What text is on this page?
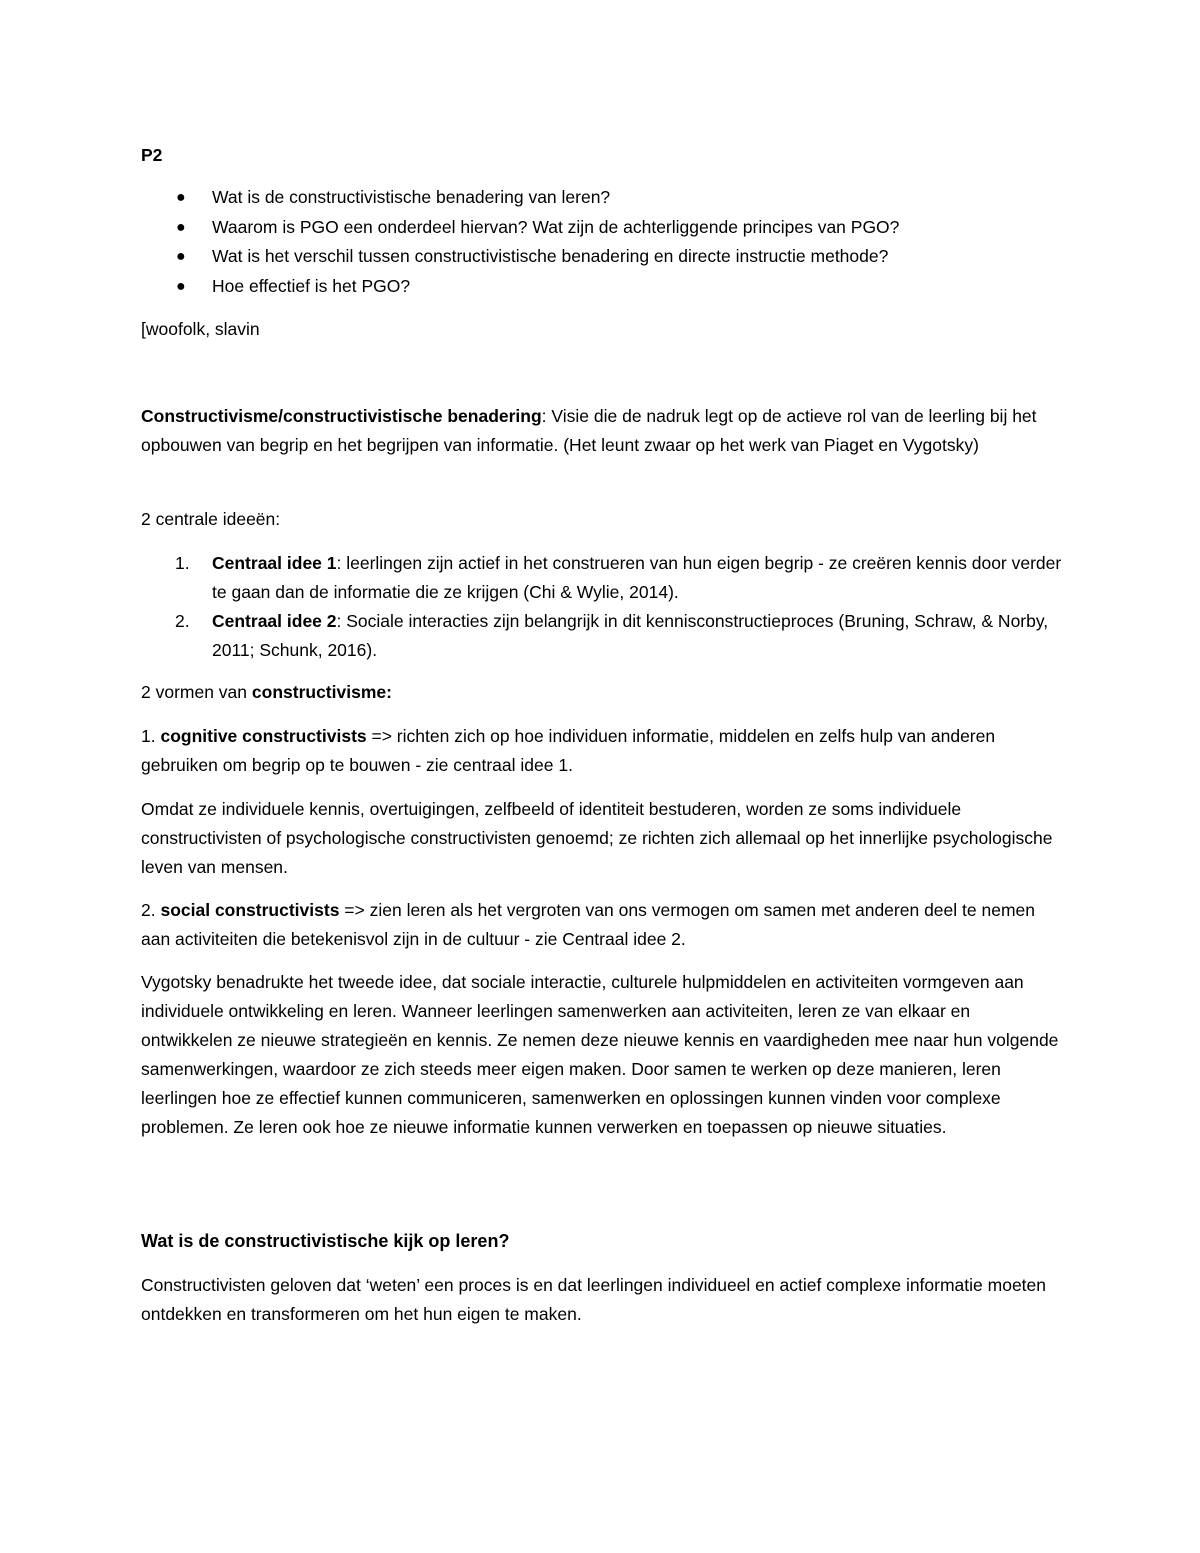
P2
● Wat is de constructivistische benadering van leren?
● Waarom is PGO een onderdeel hiervan? Wat zijn de achterliggende principes van PGO?
● Wat is het verschil tussen constructivistische benadering en directe instructie methode?
● Hoe effectief is het PGO?

[woofolk, slavin

Constructivisme/constructivistische benadering: Visie die de nadruk legt op de actieve rol van de leerling bij het opbouwen van begrip en het begrijpen van informatie. (Het leunt zwaar op het werk van Piaget en Vygotsky)

2 centrale ideeën:

1. Centraal idee 1: leerlingen zijn actief in het construeren van hun eigen begrip - ze creëren kennis door verder te gaan dan de informatie die ze krijgen (Chi & Wylie, 2014).
2. Centraal idee 2: Sociale interacties zijn belangrijk in dit kennisconstructieproces (Bruning, Schraw, & Norby, 2011; Schunk, 2016).

2 vormen van constructivisme:

1. cognitive constructivists => richten zich op hoe individuen informatie, middelen en zelfs hulp van anderen gebruiken om begrip op te bouwen - zie centraal idee 1.

Omdat ze individuele kennis, overtuigingen, zelfbeeld of identiteit bestuderen, worden ze soms individuele constructivisten of psychologische constructivisten genoemd; ze richten zich allemaal op het innerlijke psychologische leven van mensen.

2. social constructivists => zien leren als het vergroten van ons vermogen om samen met anderen deel te nemen aan activiteiten die betekenisvol zijn in de cultuur - zie Centraal idee 2.

Vygotsky benadrukte het tweede idee, dat sociale interactie, culturele hulpmiddelen en activiteiten vormgeven aan individuele ontwikkeling en leren. Wanneer leerlingen samenwerken aan activiteiten, leren ze van elkaar en ontwikkelen ze nieuwe strategieën en kennis. Ze nemen deze nieuwe kennis en vaardigheden mee naar hun volgende samenwerkingen, waardoor ze zich steeds meer eigen maken. Door samen te werken op deze manieren, leren leerlingen hoe ze effectief kunnen communiceren, samenwerken en oplossingen kunnen vinden voor complexe problemen. Ze leren ook hoe ze nieuwe informatie kunnen verwerken en toepassen op nieuwe situaties.

Wat is de constructivistische kijk op leren?

Constructivisten geloven dat ‘weten’ een proces is en dat leerlingen individueel en actief complexe informatie moeten ontdekken en transformeren om het hun eigen te maken.
